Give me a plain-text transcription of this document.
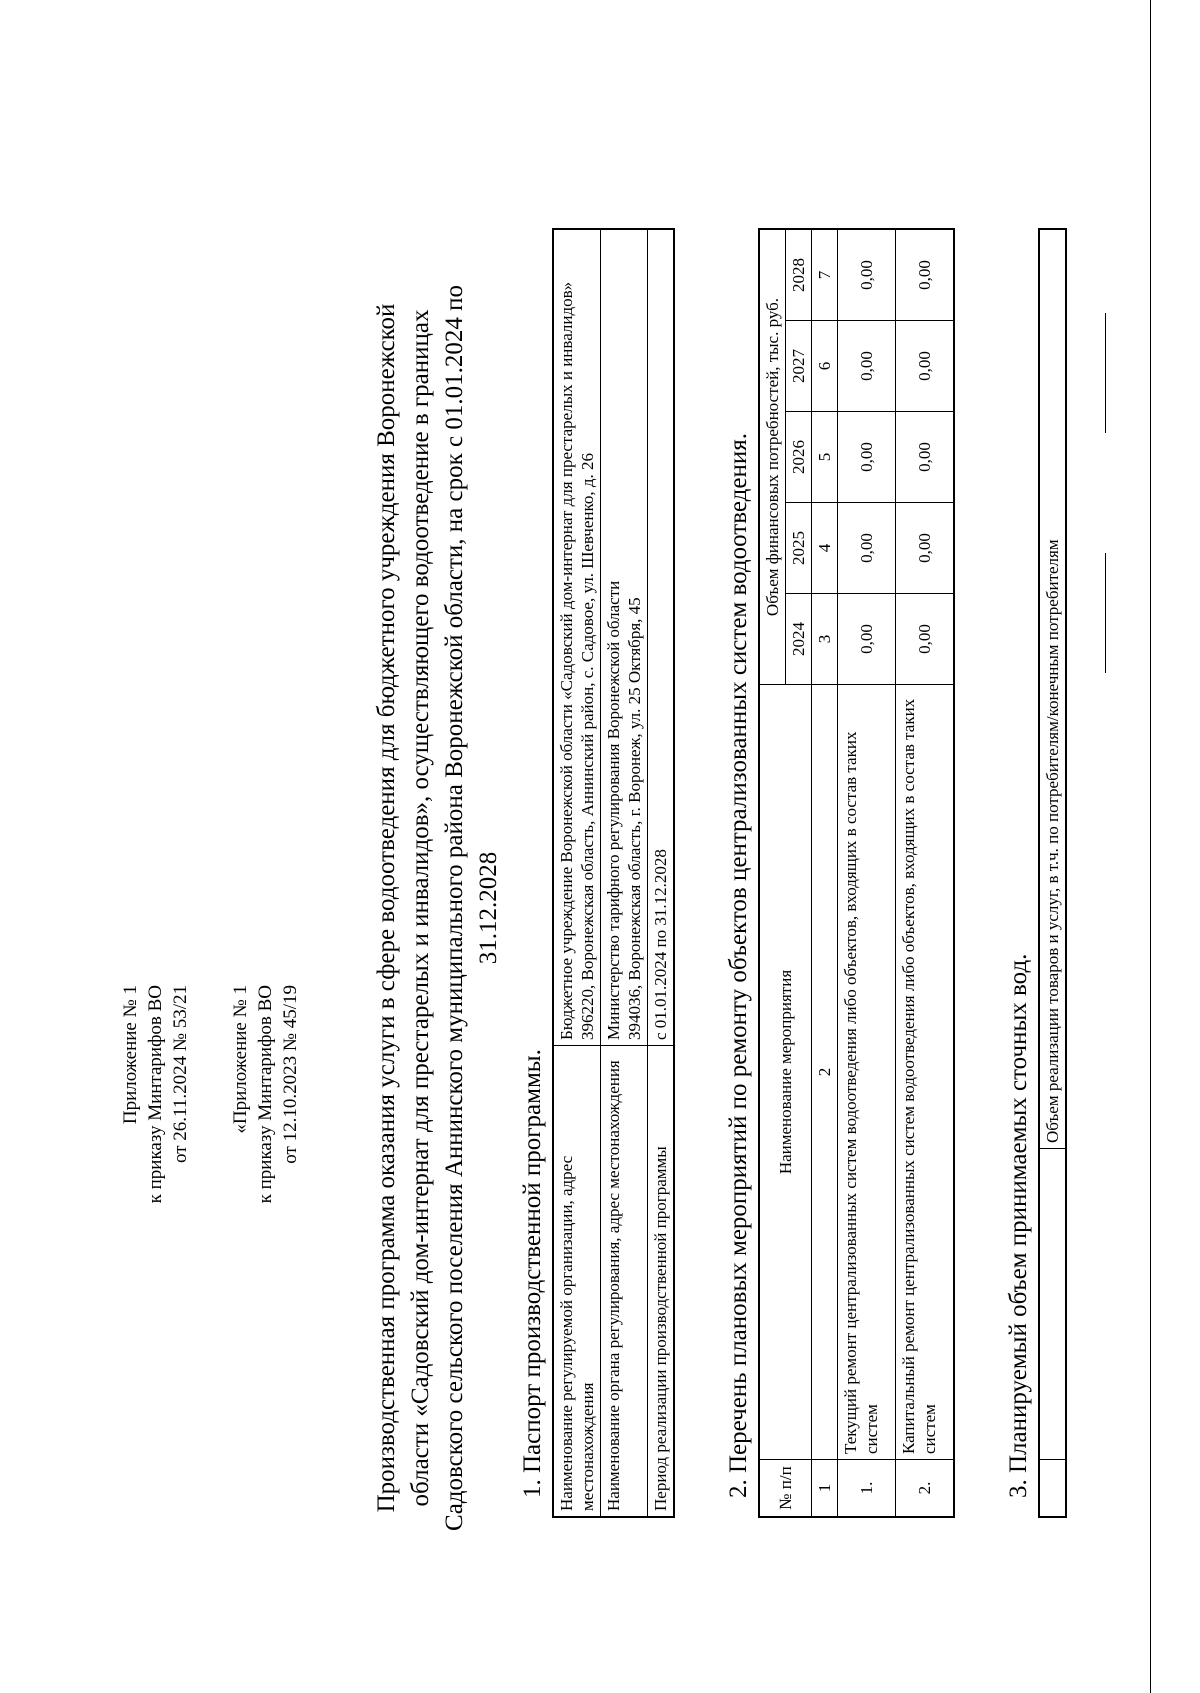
Приложение № 1 к приказу Минтарифов ВО от 26.11.2024 № 53/21 «Приложение № 1 к приказу Минтарифов ВО от 12.10.2023 № 45/19	Производственная программа оказания услуги в сфере водоотведения для бюджетного учреждения Воронежской области «Садовский дом-интернат для престарелых и инвалидов», осуществляющего водоотведение в границах Садовского сельского поселения Аннинского муниципального района Воронежской области, на срок с 01.01.2024 по 31.12.2028
1. Паспорт производственной программы. Наименование регулируемой организации, адрес местонахождения	Бюджетное учреждение Воронежской области «Садовский дом-интернат для престарелых и инвалидов» 396220, Воронежская область, Аннинский район, с. Садовое, ул. Шевченко, д. 26

Наименование органа регулирования, адрес местонахождения	Министерство тарифного регулирования Воронежской области 394036, Воронежская область, г. Воронеж, ул. 25 Октября, 45

Период реализации производственной программы	с 01.01.2024 по 31.12.2028 2. Перечень плановых мероприятий по ремонту объектов централизованных систем водоотведения. № п/п	Наименование мероприятия	Объем финансовых потребностей, тыс. руб.				
		2024	2025	2026	2027	2028
1	2	3	4	5	6	7
1.	Текущий ремонт централизованных систем водоотведения либо объектов, входящих в состав таких систем	0,00	0,00	0,00	0,00	0,00
2.	Капитальный ремонт централизованных систем водоотведения либо объектов, входящих в состав таких систем	0,00	0,00	0,00	0,00	0,00
3. Планируемый объем принимаемых сточных вод.
		Объем реализации товаров и услуг, в т.ч. по потребителям/конечным потребителям
